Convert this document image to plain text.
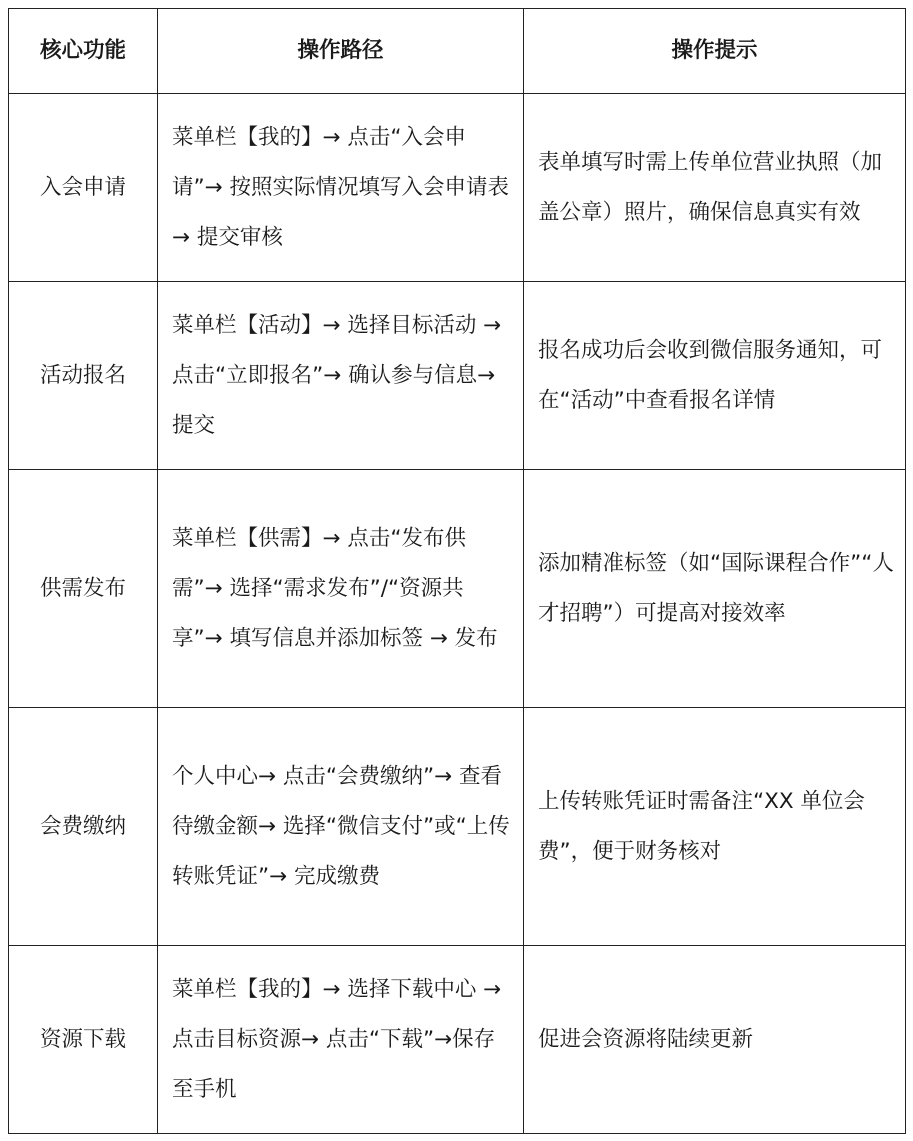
核心功能	操作路径	操作提示
入会申请	菜单栏【我的】→ 点击“入会申请”→ 按照实际情况填写入会申请表→ 提交审核	表单填写时需上传单位营业执照（加盖公章）照片，确保信息真实有效
活动报名	菜单栏【活动】→ 选择目标活动 → 点击“立即报名”→ 确认参与信息→ 提交	报名成功后会收到微信服务通知，可在“活动”中查看报名详情
供需发布	菜单栏【供需】→ 点击“发布供需”→ 选择“需求发布”/“资源共享”→ 填写信息并添加标签 → 发布	添加精准标签（如“国际课程合作”“人才招聘”）可提高对接效率
会费缴纳	个人中心→ 点击“会费缴纳”→ 查看待缴金额→ 选择“微信支付”或“上传转账凭证”→ 完成缴费	上传转账凭证时需备注“XX 单位会费”，便于财务核对
资源下载	菜单栏【我的】→ 选择下载中心 → 点击目标资源→ 点击“下载”→保存至手机	促进会资源将陆续更新
